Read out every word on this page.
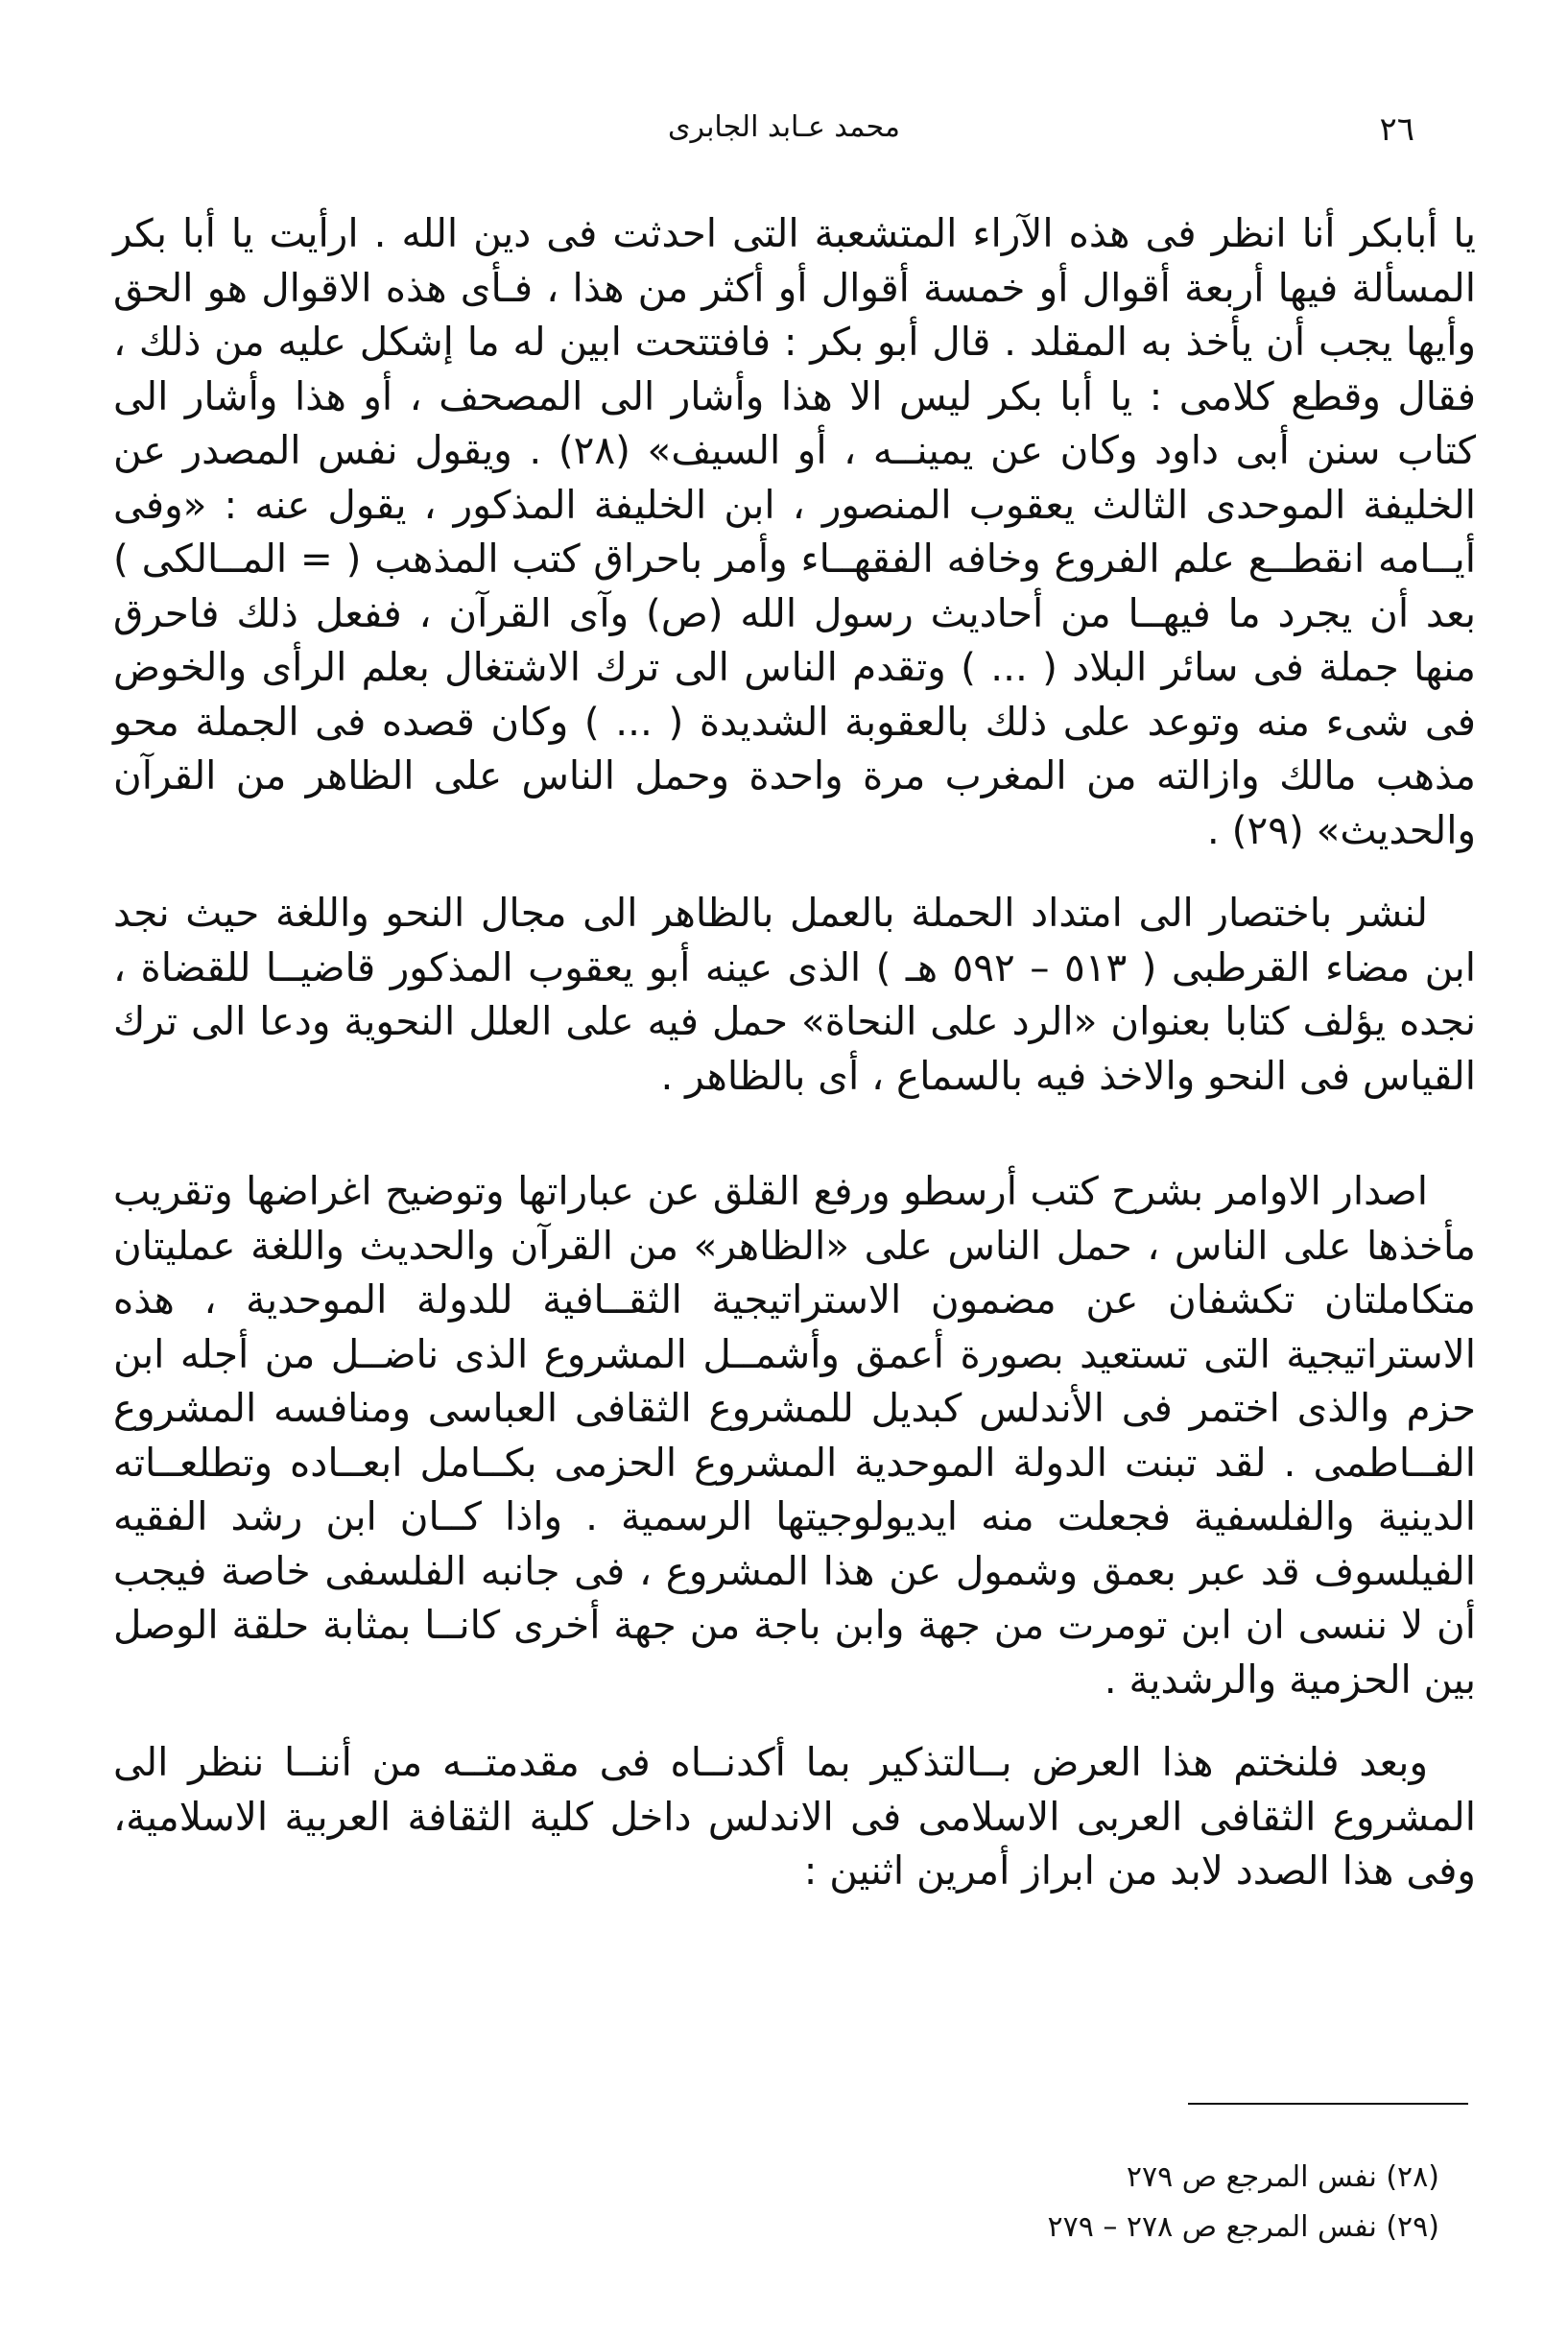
٢٦
محمد عـابد الجابرى

يا أبابكر أنا انظر فى هذه الآراء المتشعبة التى احدثت فى دين الله . ارأيت يا أبا بكر المسألة فيها أربعة أقوال أو خمسة أقوال أو أكثر من هذا ، فـأى هذه الاقوال هو الحق وأيها يجب أن يأخذ به المقلد . قال أبو بكر : فافتتحت ابين له ما إشكل عليه من ذلك ، فقال وقطع كلامى : يا أبا بكر ليس الا هذا وأشار الى المصحف ، أو هذا وأشار الى كتاب سنن أبى داود وكان عن يمينــه ، أو السيف» (٢٨) . ويقول نفس المصدر عن الخليفة الموحدى الثالث يعقوب المنصور ، ابن الخليفة المذكور ، يقول عنه : «وفى أيــامه انقطــع علم الفروع وخافه الفقهــاء وأمر باحراق كتب المذهب ( = المــالكى ) بعد أن يجرد ما فيهــا من أحاديث رسول الله (ص) وآى القرآن ، ففعل ذلك فاحرق منها جملة فى سائر البلاد ( ... ) وتقدم الناس الى ترك الاشتغال بعلم الرأى والخوض فى شىء منه وتوعد على ذلك بالعقوبة الشديدة ( ... ) وكان قصده فى الجملة محو مذهب مالك وازالته من المغرب مرة واحدة وحمل الناس على الظاهر من القرآن والحديث» (٢٩) .

لنشر باختصار الى امتداد الحملة بالعمل بالظاهر الى مجال النحو واللغة حيث نجد ابن مضاء القرطبى ( ٥١٣ – ٥٩٢ هـ ) الذى عينه أبو يعقوب المذكور قاضيــا للقضاة ، نجده يؤلف كتابا بعنوان «الرد على النحاة» حمل فيه على العلل النحوية ودعا الى ترك القياس فى النحو والاخذ فيه بالسماع ، أى بالظاهر .

اصدار الاوامر بشرح كتب أرسطو ورفع القلق عن عباراتها وتوضيح اغراضها وتقريب مأخذها على الناس ، حمل الناس على «الظاهر» من القرآن والحديث واللغة عمليتان متكاملتان تكشفان عن مضمون الاستراتيجية الثقــافية للدولة الموحدية ، هذه الاستراتيجية التى تستعيد بصورة أعمق وأشمــل المشروع الذى ناضــل من أجله ابن حزم والذى اختمر فى الأندلس كبديل للمشروع الثقافى العباسى ومنافسه المشروع الفــاطمى . لقد تبنت الدولة الموحدية المشروع الحزمى بكــامل ابعــاده وتطلعــاته الدينية والفلسفية فجعلت منه ايديولوجيتها الرسمية . واذا كــان ابن رشد الفقيه الفيلسوف قد عبر بعمق وشمول عن هذا المشروع ، فى جانبه الفلسفى خاصة فيجب أن لا ننسى ان ابن تومرت من جهة وابن باجة من جهة أخرى كانــا بمثابة حلقة الوصل بين الحزمية والرشدية .

وبعد فلنختم هذا العرض بــالتذكير بما أكدنــاه فى مقدمتــه من أننــا ننظر الى المشروع الثقافى العربى الاسلامى فى الاندلس داخل كلية الثقافة العربية الاسلامية، وفى هذا الصدد لابد من ابراز أمرين اثنين :

(٢٨) نفس المرجع ص ٢٧٩
(٢٩) نفس المرجع ص ٢٧٨ – ٢٧٩
